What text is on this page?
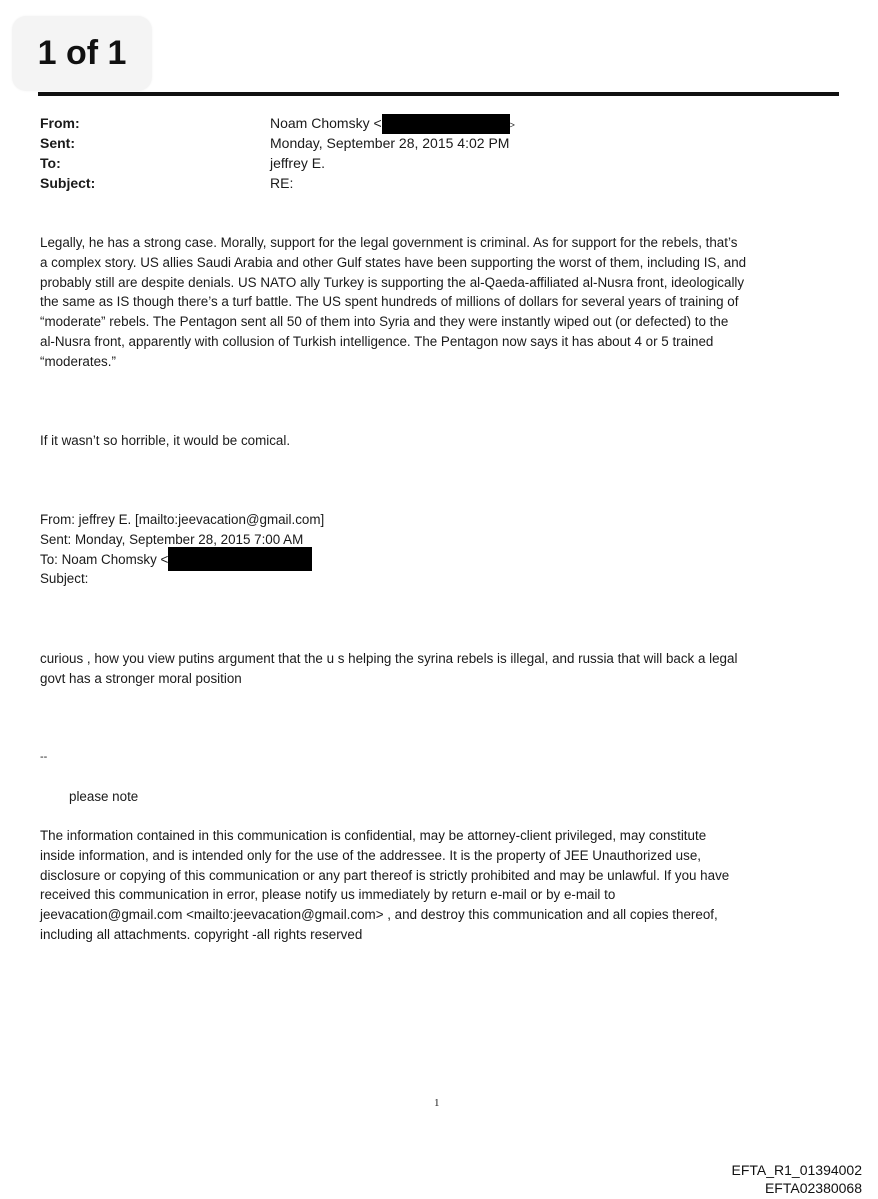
1 of 1
From:	Noam Chomsky <	>
Sent:	Monday, September 28, 2015 4:02 PM
To:	jeffrey E.
Subject:	RE:
Legally, he has a strong case. Morally, support for the legal government is criminal. As for support for the rebels, that’s
a complex story. US allies Saudi Arabia and other Gulf states have been supporting the worst of them, including IS, and
probably still are despite denials. US NATO ally Turkey is supporting the al-Qaeda-affiliated al-Nusra front, ideologically
the same as IS though there’s a turf battle. The US spent hundreds of millions of dollars for several years of training of
“moderate” rebels. The Pentagon sent all 50 of them into Syria and they were instantly wiped out (or defected) to the
al-Nusra front, apparently with collusion of Turkish intelligence. The Pentagon now says it has about 4 or 5 trained
“moderates.”
If it wasn’t so horrible, it would be comical.
From: jeffrey E. [mailto:jeevacation@gmail.com]
Sent: Monday, September 28, 2015 7:00 AM
To: Noam Chomsky <
Subject:
curious , how you view putins argument that the u s helping the syrina rebels is illegal, and russia that will back a legal
govt has a stronger moral position
--
please note
The information contained in this communication is confidential, may be attorney-client privileged, may constitute
inside information, and is intended only for the use of the addressee. It is the property of JEE Unauthorized use,
disclosure or copying of this communication or any part thereof is strictly prohibited and may be unlawful. If you have
received this communication in error, please notify us immediately by return e-mail or by e-mail to
jeevacation@gmail.com <mailto:jeevacation@gmail.com> , and destroy this communication and all copies thereof,
including all attachments. copyright -all rights reserved
1
EFTA_R1_01394002
EFTA02380068
